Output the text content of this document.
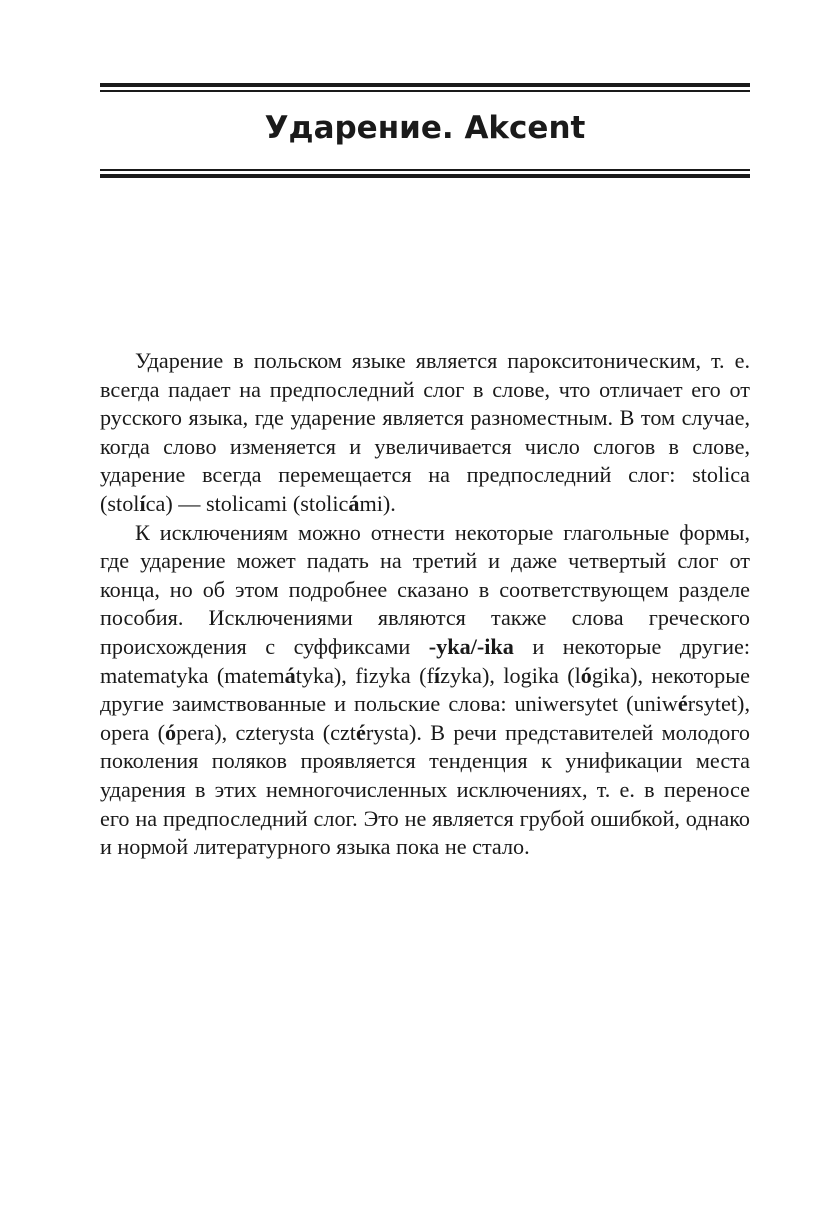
Ударение. Akcent

Ударение в польском языке является парокситоническим, т. е. всегда падает на предпоследний слог в слове, что отличает его от русского языка, где ударение является разноместным. В том случае, когда слово изменяется и увеличивается число слогов в слове, ударение всегда перемещается на предпоследний слог: stolica (stolíca) — stolicami (stolicámi).

К исключениям можно отнести некоторые глагольные формы, где ударение может падать на третий и даже четвертый слог от конца, но об этом подробнее сказано в соответствующем разделе пособия. Исключениями являются также слова греческого происхождения с суффиксами -yka/-ika и некоторые другие: matematyka (matemátyka), fizyka (fízyka), logika (lógika), некоторые другие заимствованные и польские слова: uniwersytet (uniwérsytet), opera (ópera), czterysta (cztérysta). В речи представителей молодого поколения поляков проявляется тенденция к унификации места ударения в этих немногочисленных исключениях, т. е. в переносе его на предпоследний слог. Это не является грубой ошибкой, однако и нормой литературного языка пока не стало.
